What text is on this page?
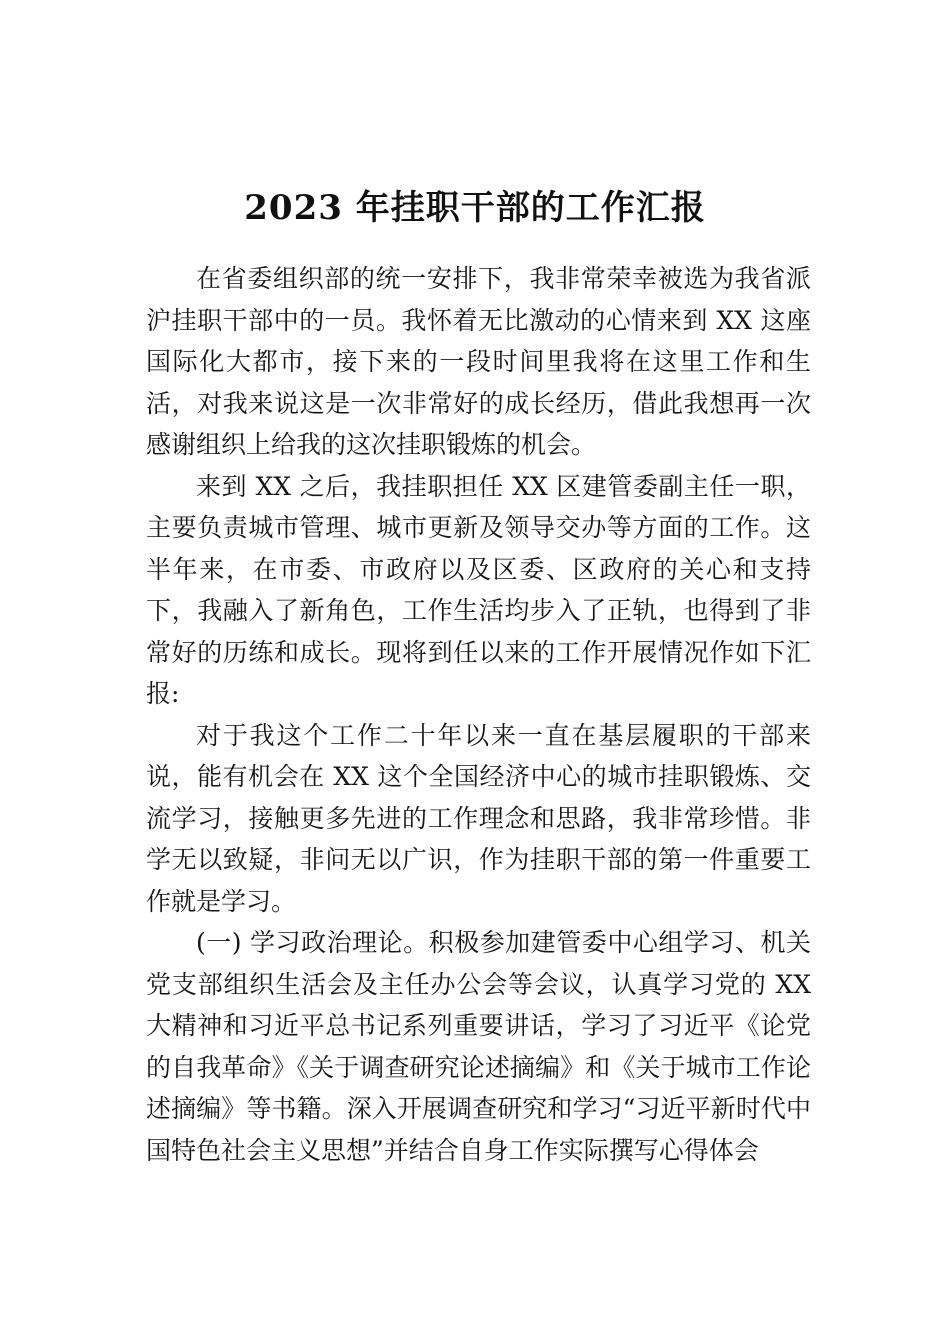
2023 年挂职干部的工作汇报

在省委组织部的统一安排下，我非常荣幸被选为我省派沪挂职干部中的一员。我怀着无比激动的心情来到 XX 这座国际化大都市，接下来的一段时间里我将在这里工作和生活，对我来说这是一次非常好的成长经历，借此我想再一次感谢组织上给我的这次挂职锻炼的机会。

来到 XX 之后，我挂职担任 XX 区建管委副主任一职，主要负责城市管理、城市更新及领导交办等方面的工作。这半年来，在市委、市政府以及区委、区政府的关心和支持下，我融入了新角色，工作生活均步入了正轨，也得到了非常好的历练和成长。现将到任以来的工作开展情况作如下汇报:

对于我这个工作二十年以来一直在基层履职的干部来说，能有机会在 XX 这个全国经济中心的城市挂职锻炼、交流学习，接触更多先进的工作理念和思路，我非常珍惜。非学无以致疑，非问无以广识，作为挂职干部的第一件重要工作就是学习。

(一) 学习政治理论。积极参加建管委中心组学习、机关党支部组织生活会及主任办公会等会议，认真学习党的 XX 大精神和习近平总书记系列重要讲话，学习了习近平《论党的自我革命》《关于调查研究论述摘编》和《关于城市工作论述摘编》等书籍。深入开展调查研究和学习“习近平新时代中国特色社会主义思想”并结合自身工作实际撰写心得体会
